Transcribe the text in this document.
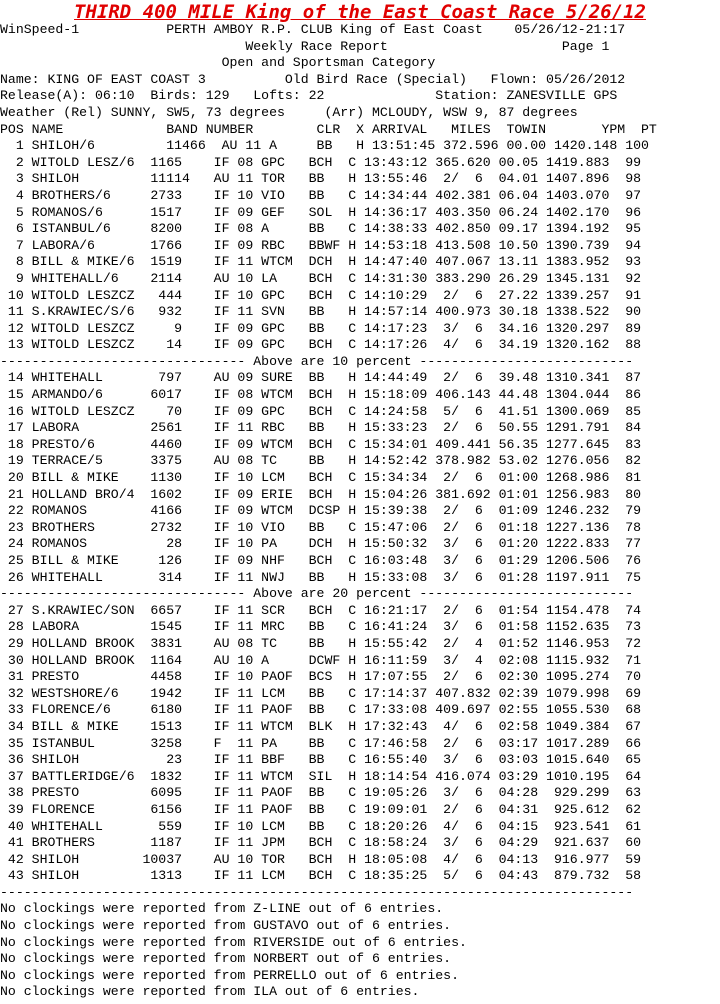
THIRD 400 MILE King of the East Coast Race 5/26/12
WinSpeed-1           PERTH AMBOY R.P. CLUB King of East Coast    05/26/12-21:17
Weekly Race Report                      Page 1
Open and Sportsman Category
Name: KING OF EAST COAST 3          Old Bird Race (Special)   Flown: 05/26/2012
Release(A): 06:10  Birds: 129   Lofts: 22              Station: ZANESVILLE GPS
Weather (Rel) SUNNY, SW5, 73 degrees     (Arr) MCLOUDY, WSW 9, 87 degrees
POS NAME             BAND NUMBER        CLR  X ARRIVAL   MILES  TOWIN       YPM  PT
1 SHILOH/6         11466  AU 11 A     BB   H 13:51:45 372.596 00.00 1420.148 100
2 WITOLD LESZ/6  1165    IF 08 GPC   BCH  C 13:43:12 365.620 00.05 1419.883  99
3 SHILOH         11114   AU 11 TOR   BB   H 13:55:46  2/  6  04.01 1407.896  98
4 BROTHERS/6     2733    IF 10 VIO   BB   C 14:34:44 402.381 06.04 1403.070  97
5 ROMANOS/6      1517    IF 09 GEF   SOL  H 14:36:17 403.350 06.24 1402.170  96
6 ISTANBUL/6     8200    IF 08 A     BB   C 14:38:33 402.850 09.17 1394.192  95
7 LABORA/6       1766    IF 09 RBC   BBWF H 14:53:18 413.508 10.50 1390.739  94
8 BILL & MIKE/6  1519    IF 11 WTCM  DCH  H 14:47:40 407.067 13.11 1383.952  93
9 WHITEHALL/6    2114    AU 10 LA    BCH  C 14:31:30 383.290 26.29 1345.131  92
10 WITOLD LESZCZ   444    IF 10 GPC   BCH  C 14:10:29  2/  6  27.22 1339.257  91
11 S.KRAWIEC/S/6   932    IF 11 SVN   BB   H 14:57:14 400.973 30.18 1338.522  90
12 WITOLD LESZCZ     9    IF 09 GPC   BB   C 14:17:23  3/  6  34.16 1320.297  89
13 WITOLD LESZCZ    14    IF 09 GPC   BCH  C 14:17:26  4/  6  34.19 1320.162  88
------------------------------- Above are 10 percent ---------------------------
14 WHITEHALL       797    AU 09 SURE  BB   H 14:44:49  2/  6  39.48 1310.341  87
15 ARMANDO/6      6017    IF 08 WTCM  BCH  H 15:18:09 406.143 44.48 1304.044  86
16 WITOLD LESZCZ    70    IF 09 GPC   BCH  C 14:24:58  5/  6  41.51 1300.069  85
17 LABORA         2561    IF 11 RBC   BB   H 15:33:23  2/  6  50.55 1291.791  84
18 PRESTO/6       4460    IF 09 WTCM  BCH  C 15:34:01 409.441 56.35 1277.645  83
19 TERRACE/5      3375    AU 08 TC    BB   H 14:52:42 378.982 53.02 1276.056  82
20 BILL & MIKE    1130    IF 10 LCM   BCH  C 15:34:34  2/  6  01:00 1268.986  81
21 HOLLAND BRO/4  1602    IF 09 ERIE  BCH  H 15:04:26 381.692 01:01 1256.983  80
22 ROMANOS        4166    IF 09 WTCM  DCSP H 15:39:38  2/  6  01:09 1246.232  79
23 BROTHERS       2732    IF 10 VIO   BB   C 15:47:06  2/  6  01:18 1227.136  78
24 ROMANOS          28    IF 10 PA    DCH  H 15:50:32  3/  6  01:20 1222.833  77
25 BILL & MIKE     126    IF 09 NHF   BCH  C 16:03:48  3/  6  01:29 1206.506  76
26 WHITEHALL       314    IF 11 NWJ   BB   H 15:33:08  3/  6  01:28 1197.911  75
------------------------------- Above are 20 percent ---------------------------
27 S.KRAWIEC/SON  6657    IF 11 SCR   BCH  C 16:21:17  2/  6  01:54 1154.478  74
28 LABORA         1545    IF 11 MRC   BB   C 16:41:24  3/  6  01:58 1152.635  73
29 HOLLAND BROOK  3831    AU 08 TC    BB   H 15:55:42  2/  4  01:52 1146.953  72
30 HOLLAND BROOK  1164    AU 10 A     DCWF H 16:11:59  3/  4  02:08 1115.932  71
31 PRESTO         4458    IF 10 PAOF  BCS  H 17:07:55  2/  6  02:30 1095.274  70
32 WESTSHORE/6    1942    IF 11 LCM   BB   C 17:14:37 407.832 02:39 1079.998  69
33 FLORENCE/6     6180    IF 11 PAOF  BB   C 17:33:08 409.697 02:55 1055.530  68
34 BILL & MIKE    1513    IF 11 WTCM  BLK  H 17:32:43  4/  6  02:58 1049.384  67
35 ISTANBUL       3258    F  11 PA    BB   C 17:46:58  2/  6  03:17 1017.289  66
36 SHILOH           23    IF 11 BBF   BB   C 16:55:40  3/  6  03:03 1015.640  65
37 BATTLERIDGE/6  1832    IF 11 WTCM  SIL  H 18:14:54 416.074 03:29 1010.195  64
38 PRESTO         6095    IF 11 PAOF  BB   C 19:05:26  3/  6  04:28  929.299  63
39 FLORENCE       6156    IF 11 PAOF  BB   C 19:09:01  2/  6  04:31  925.612  62
40 WHITEHALL       559    IF 10 LCM   BB   C 18:20:26  4/  6  04:15  923.541  61
41 BROTHERS       1187    IF 11 JPM   BCH  C 18:58:24  3/  6  04:29  921.637  60
42 SHILOH        10037    AU 10 TOR   BCH  H 18:05:08  4/  6  04:13  916.977  59
43 SHILOH         1313    IF 11 LCM   BCH  C 18:35:25  5/  6  04:43  879.732  58
--------------------------------------------------------------------------------
No clockings were reported from Z-LINE out of 6 entries.
No clockings were reported from GUSTAVO out of 6 entries.
No clockings were reported from RIVERSIDE out of 6 entries.
No clockings were reported from NORBERT out of 6 entries.
No clockings were reported from PERRELLO out of 6 entries.
No clockings were reported from ILA out of 6 entries.
